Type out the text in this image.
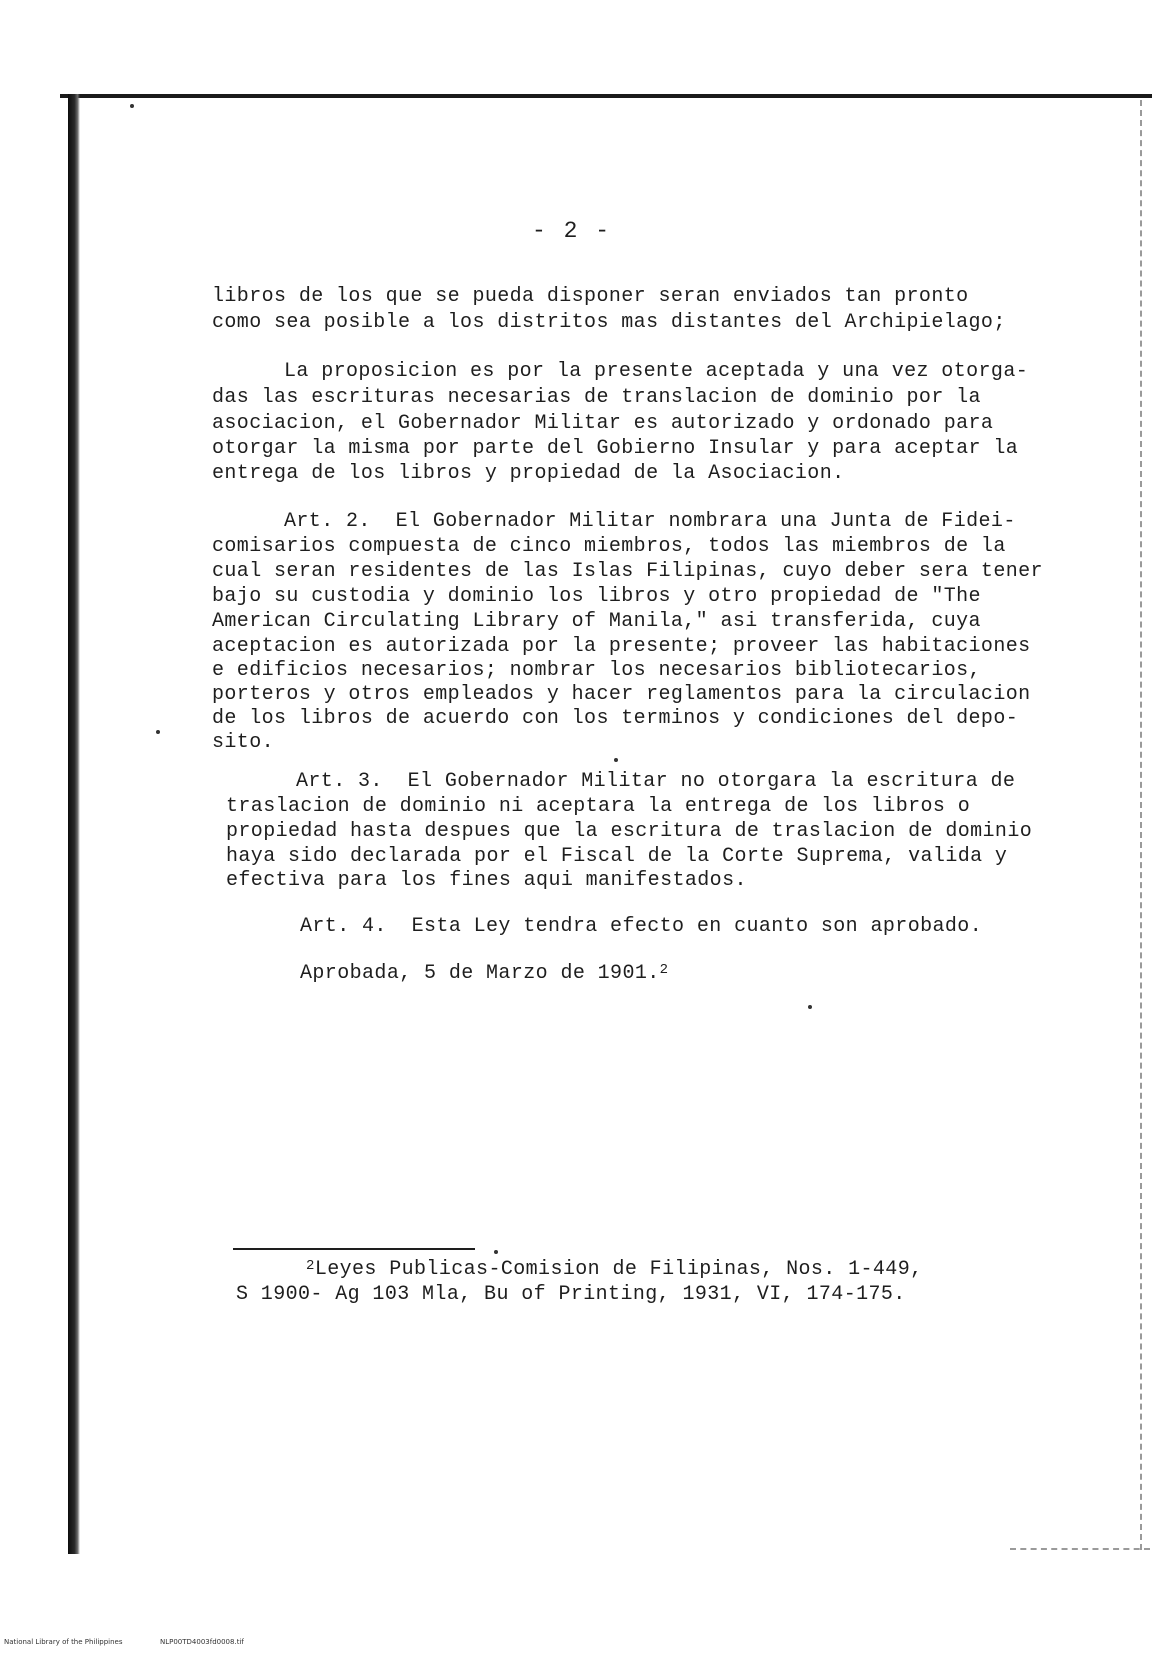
- 2 -
libros de los que se pueda disponer seran enviados tan pronto
como sea posible a los distritos mas distantes del Archipielago;
La proposicion es por la presente aceptada y una vez otorga-
das las escrituras necesarias de translacion de dominio por la
asociacion, el Gobernador Militar es autorizado y ordonado para
otorgar la misma por parte del Gobierno Insular y para aceptar la
entrega de los libros y propiedad de la Asociacion.
Art. 2.  El Gobernador Militar nombrara una Junta de Fidei-
comisarios compuesta de cinco miembros, todos las miembros de la
cual seran residentes de las Islas Filipinas, cuyo deber sera tener
bajo su custodia y dominio los libros y otro propiedad de "The
American Circulating Library of Manila," asi transferida, cuya
aceptacion es autorizada por la presente; proveer las habitaciones
e edificios necesarios; nombrar los necesarios bibliotecarios,
porteros y otros empleados y hacer reglamentos para la circulacion
de los libros de acuerdo con los terminos y condiciones del depo-
sito.
Art. 3.  El Gobernador Militar no otorgara la escritura de
traslacion de dominio ni aceptara la entrega de los libros o
propiedad hasta despues que la escritura de traslacion de dominio
haya sido declarada por el Fiscal de la Corte Suprema, valida y
efectiva para los fines aqui manifestados.
Art. 4.  Esta Ley tendra efecto en cuanto son aprobado.
Aprobada, 5 de Marzo de 1901.$^2$
$^2$Leyes Publicas-Comision de Filipinas, Nos. 1-449,
S 1900- Ag 103 Mla, Bu of Printing, 1931, VI, 174-175.
National Library of the Philippines	NLP00TD4003fd0008.tif
